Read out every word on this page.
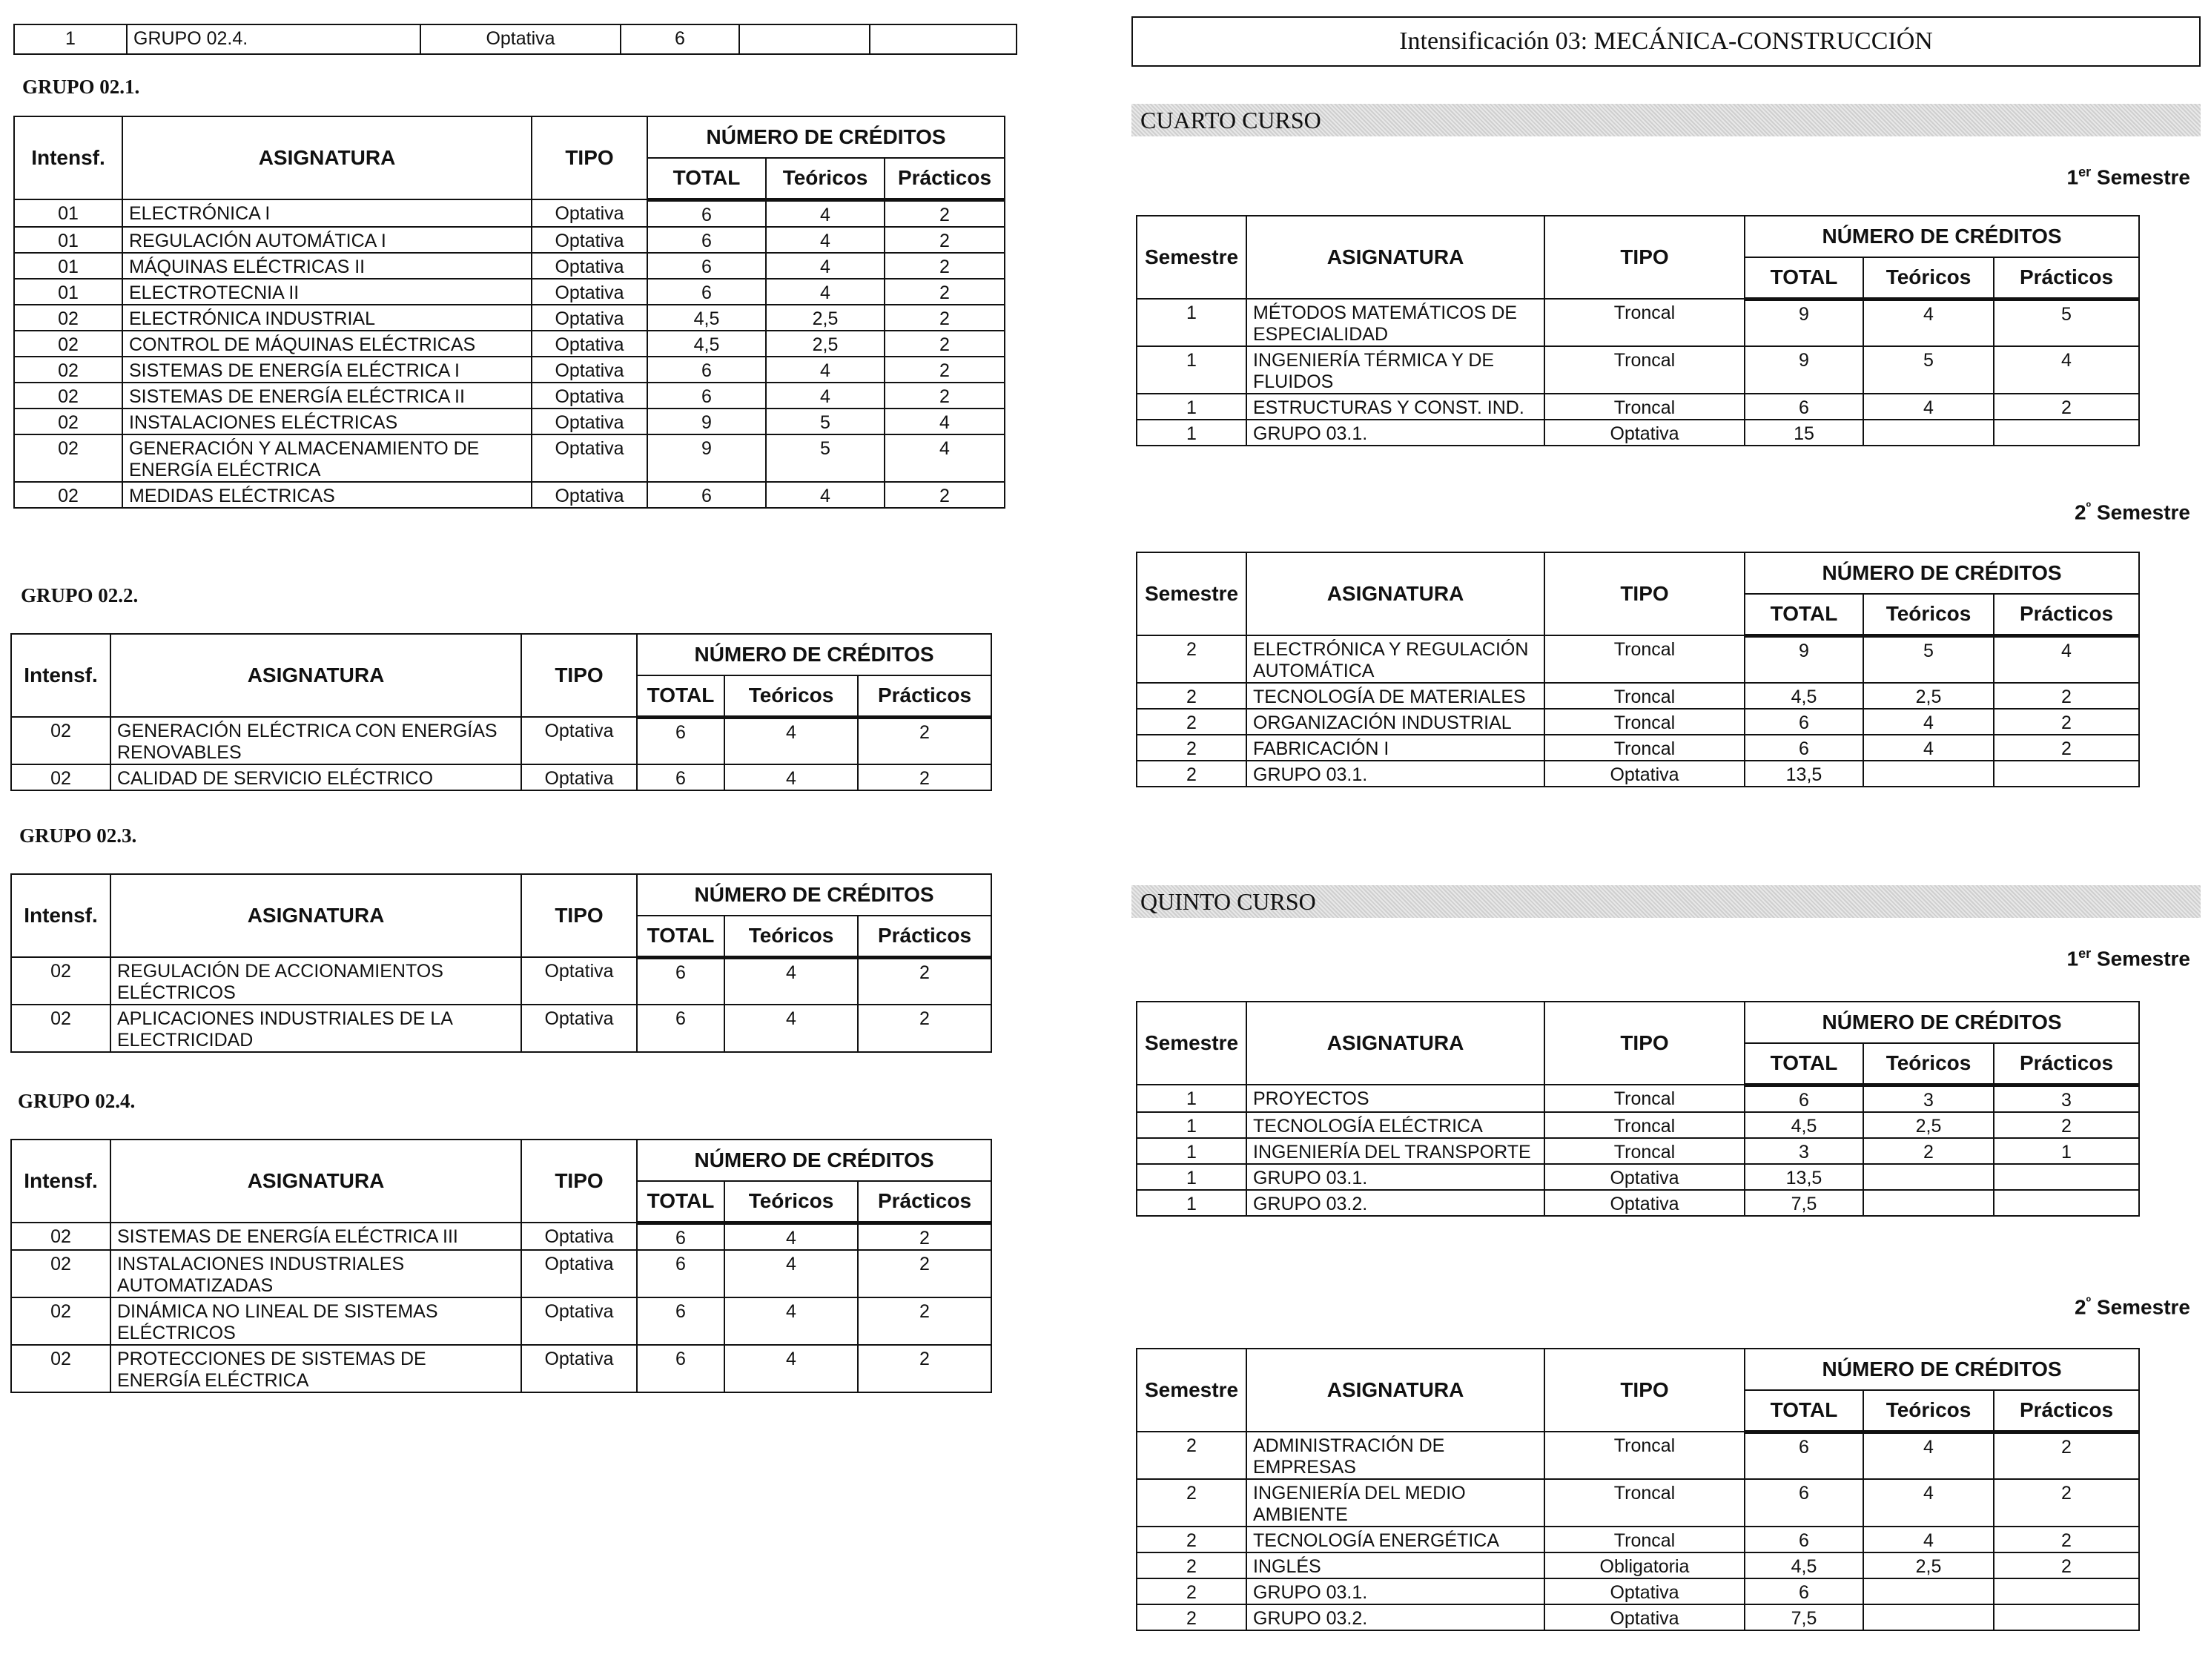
1	GRUPO 02.4.	Optativa	6		
GRUPO 02.1.
Intensf.	ASIGNATURA	TIPO	NÚMERO DE CRÉDITOS		
			TOTAL	Teóricos	Prácticos
01	ELECTRÓNICA I	Optativa	6	4	2
01	REGULACIÓN AUTOMÁTICA I	Optativa	6	4	2
01	MÁQUINAS ELÉCTRICAS II	Optativa	6	4	2
01	ELECTROTECNIA II	Optativa	6	4	2
02	ELECTRÓNICA INDUSTRIAL	Optativa	4,5	2,5	2
02	CONTROL DE MÁQUINAS ELÉCTRICAS	Optativa	4,5	2,5	2
02	SISTEMAS DE ENERGÍA ELÉCTRICA I	Optativa	6	4	2
02	SISTEMAS DE ENERGÍA ELÉCTRICA II	Optativa	6	4	2
02	INSTALACIONES ELÉCTRICAS	Optativa	9	5	4
02	GENERACIÓN Y ALMACENAMIENTO DE ENERGÍA ELÉCTRICA	Optativa	9	5	4
02	MEDIDAS ELÉCTRICAS	Optativa	6	4	2
GRUPO 02.2.
Intensf.	ASIGNATURA	TIPO	NÚMERO DE CRÉDITOS		
			TOTAL	Teóricos	Prácticos
02	GENERACIÓN ELÉCTRICA CON ENERGÍAS RENOVABLES	Optativa	6	4	2
02	CALIDAD DE SERVICIO ELÉCTRICO	Optativa	6	4	2
GRUPO 02.3.
Intensf.	ASIGNATURA	TIPO	NÚMERO DE CRÉDITOS		
			TOTAL	Teóricos	Prácticos
02	REGULACIÓN DE ACCIONAMIENTOS ELÉCTRICOS	Optativa	6	4	2
02	APLICACIONES INDUSTRIALES DE LA ELECTRICIDAD	Optativa	6	4	2
GRUPO 02.4.
Intensf.	ASIGNATURA	TIPO	NÚMERO DE CRÉDITOS		
			TOTAL	Teóricos	Prácticos
02	SISTEMAS DE ENERGÍA ELÉCTRICA III	Optativa	6	4	2
02	INSTALACIONES INDUSTRIALES AUTOMATIZADAS	Optativa	6	4	2
02	DINÁMICA NO LINEAL DE SISTEMAS ELÉCTRICOS	Optativa	6	4	2
02	PROTECCIONES DE SISTEMAS DE ENERGÍA ELÉCTRICA	Optativa	6	4	2
Intensificación 03: MECÁNICA-CONSTRUCCIÓN
CUARTO CURSO
1er Semestre
Semestre	ASIGNATURA	TIPO	NÚMERO DE CRÉDITOS		
			TOTAL	Teóricos	Prácticos
1	MÉTODOS MATEMÁTICOS DE ESPECIALIDAD	Troncal	9	4	5
1	INGENIERÍA TÉRMICA Y DE FLUIDOS	Troncal	9	5	4
1	ESTRUCTURAS Y CONST. IND.	Troncal	6	4	2
1	GRUPO 03.1.	Optativa	15		
$2^º$ Semestre
Semestre	ASIGNATURA	TIPO	NÚMERO DE CRÉDITOS		
			TOTAL	Teóricos	Prácticos
2	ELECTRÓNICA Y REGULACIÓN AUTOMÁTICA	Troncal	9	5	4
2	TECNOLOGÍA DE MATERIALES	Troncal	4,5	2,5	2
2	ORGANIZACIÓN INDUSTRIAL	Troncal	6	4	2
2	FABRICACIÓN I	Troncal	6	4	2
2	GRUPO 03.1.	Optativa	13,5		
QUINTO CURSO
1er Semestre
Semestre	ASIGNATURA	TIPO	NÚMERO DE CRÉDITOS		
			TOTAL	Teóricos	Prácticos
1	PROYECTOS	Troncal	6	3	3
1	TECNOLOGÍA ELÉCTRICA	Troncal	4,5	2,5	2
1	INGENIERÍA DEL TRANSPORTE	Troncal	3	2	1
1	GRUPO 03.1.	Optativa	13,5		
1	GRUPO 03.2.	Optativa	7,5		
$2^º$ Semestre
Semestre	ASIGNATURA	TIPO	NÚMERO DE CRÉDITOS		
			TOTAL	Teóricos	Prácticos
2	ADMINISTRACIÓN DE EMPRESAS	Troncal	6	4	2
2	INGENIERÍA DEL MEDIO AMBIENTE	Troncal	6	4	2
2	TECNOLOGÍA ENERGÉTICA	Troncal	6	4	2
2	INGLÉS	Obligatoria	4,5	2,5	2
2	GRUPO 03.1.	Optativa	6		
2	GRUPO 03.2.	Optativa	7,5		
